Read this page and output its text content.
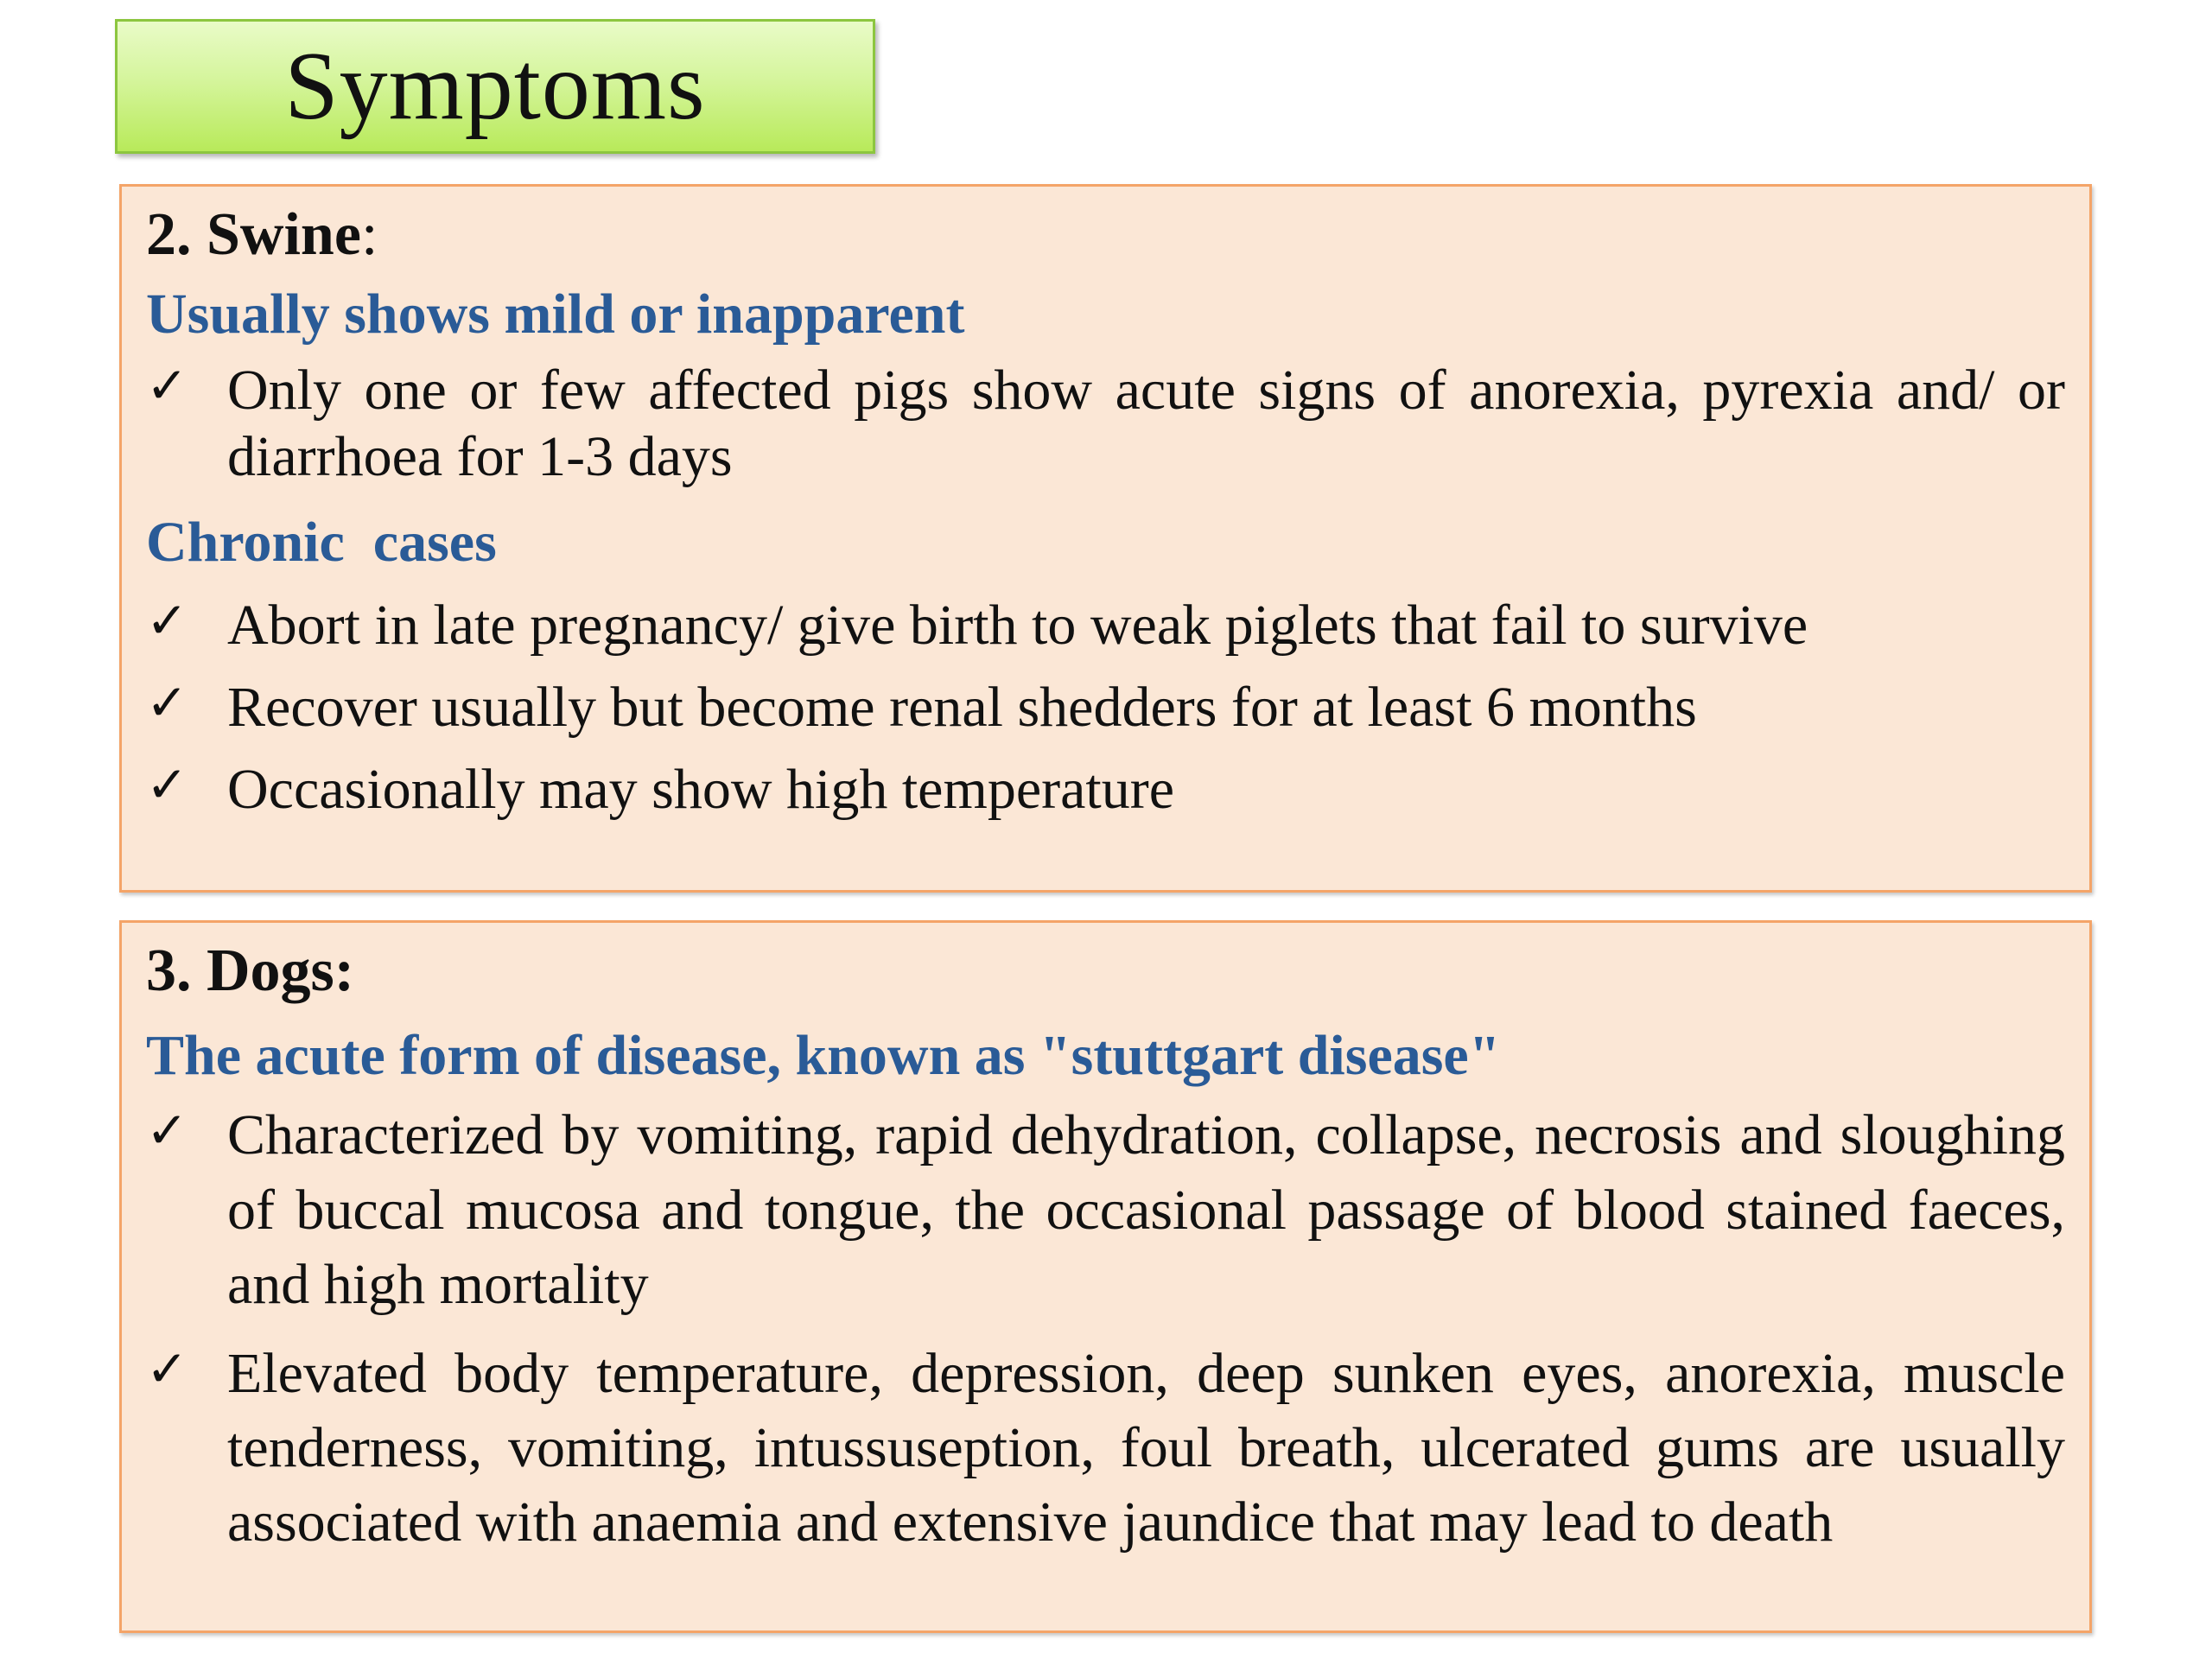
Symptoms

2. Swine:

Usually shows mild or inapparent

✓ Only one or few affected pigs show acute signs of anorexia, pyrexia and/ or diarrhoea for 1-3 days

Chronic  cases

✓ Abort in late pregnancy/ give birth to weak piglets that fail to survive
✓ Recover usually but become renal shedders for at least 6 months
✓ Occasionally may show high temperature

3. Dogs:

The acute form of disease, known as "stuttgart disease"

✓ Characterized by vomiting, rapid dehydration, collapse, necrosis and sloughing of buccal mucosa and tongue, the occasional passage of blood stained faeces, and high mortality
✓ Elevated body temperature, depression, deep sunken eyes, anorexia, muscle tenderness, vomiting, intussuseption, foul breath, ulcerated gums are usually associated with anaemia and extensive jaundice that may lead to death
